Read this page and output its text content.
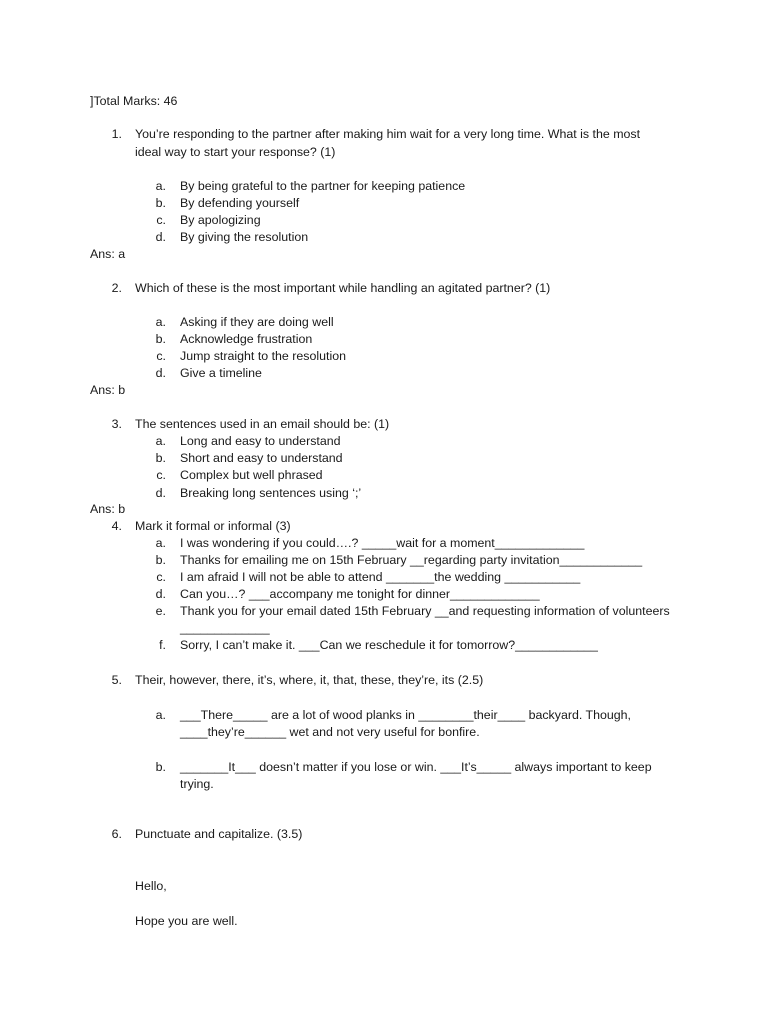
]Total Marks: 46
1. You’re responding to the partner after making him wait for a very long time. What is the most
ideal way to start your response? (1)
a. By being grateful to the partner for keeping patience
b. By defending yourself
c. By apologizing
d. By giving the resolution
Ans: a
2. Which of these is the most important while handling an agitated partner? (1)
a. Asking if they are doing well
b. Acknowledge frustration
c. Jump straight to the resolution
d. Give a timeline
Ans: b
3. The sentences used in an email should be: (1)
a. Long and easy to understand
b. Short and easy to understand
c. Complex but well phrased
d. Breaking long sentences using ‘;’
Ans: b
4. Mark it formal or informal (3)
a. I was wondering if you could….? _____wait for a moment_____________
b. Thanks for emailing me on 15th February __regarding party invitation____________
c. I am afraid I will not be able to attend _______the wedding ___________
d. Can you…? ___accompany me tonight for dinner_____________
e. Thank you for your email dated 15th February __and requesting information of volunteers
_____________
f. Sorry, I can’t make it. ___Can we reschedule it for tomorrow?____________
5. Their, however, there, it’s, where, it, that, these, they’re, its (2.5)
a. ___There_____ are a lot of wood planks in ________their____ backyard. Though,
____they’re______ wet and not very useful for bonfire.
b. _______It___ doesn’t matter if you lose or win. ___It’s_____ always important to keep
trying.
6. Punctuate and capitalize. (3.5)
Hello,
Hope you are well.
